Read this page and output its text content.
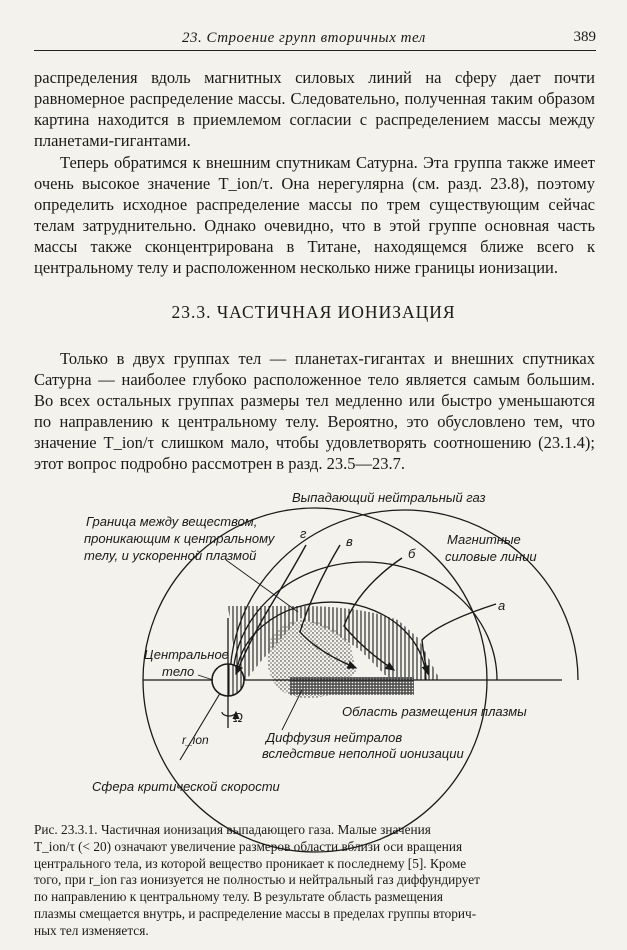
23. Строение групп вторичных тел	389

распределения вдоль магнитных силовых линий на сферу дает почти равномерное распределение массы. Следовательно, полученная таким образом картина находится в приемлемом согласии с распределением массы между планетами-гигантами.

Теперь обратимся к внешним спутникам Сатурна. Эта группа также имеет очень высокое значение T_ion/τ. Она нерегулярна (см. разд. 23.8), поэтому определить исходное распределение массы по трем существующим сейчас телам затруднительно. Однако очевидно, что в этой группе основная часть массы также сконцентрирована в Титане, находящемся ближе всего к центральному телу и расположенном несколько ниже границы ионизации.

23.3. ЧАСТИЧНАЯ ИОНИЗАЦИЯ

Только в двух группах тел — планетах-гигантах и внешних спутниках Сатурна — наиболее глубоко расположенное тело является самым большим. Во всех остальных группах размеры тел медленно или быстро уменьшаются по направлению к центральному телу. Вероятно, это обусловлено тем, что значение T_ion/τ слишком мало, чтобы удовлетворять соотношению (23.1.4); этот вопрос подробно рассмотрен в разд. 23.5—23.7.

Выпадающий нейтральный газ
Граница между веществом,
проникающим к центральному
телу, и ускоренной плазмой
Магнитные
силовые линии
Центральное
тело
Область размещения плазмы
Диффузия нейтралов
вследствие неполной ионизации
Сфера критической скорости
r_ion
Ω
а
б
в
г
Рис. 23.3.1. Частичная ионизация выпадающего газа. Малые значения
T_ion/τ (< 20) означают увеличение размеров области вблизи оси вращения
центрального тела, из которой вещество проникает к последнему [5]. Кроме
того, при r_ion газ ионизуется не полностью и нейтральный газ диффундирует
по направлению к центральному телу. В результате область размещения
плазмы смещается внутрь, и распределение массы в пределах группы вторич-
ных тел изменяется.
